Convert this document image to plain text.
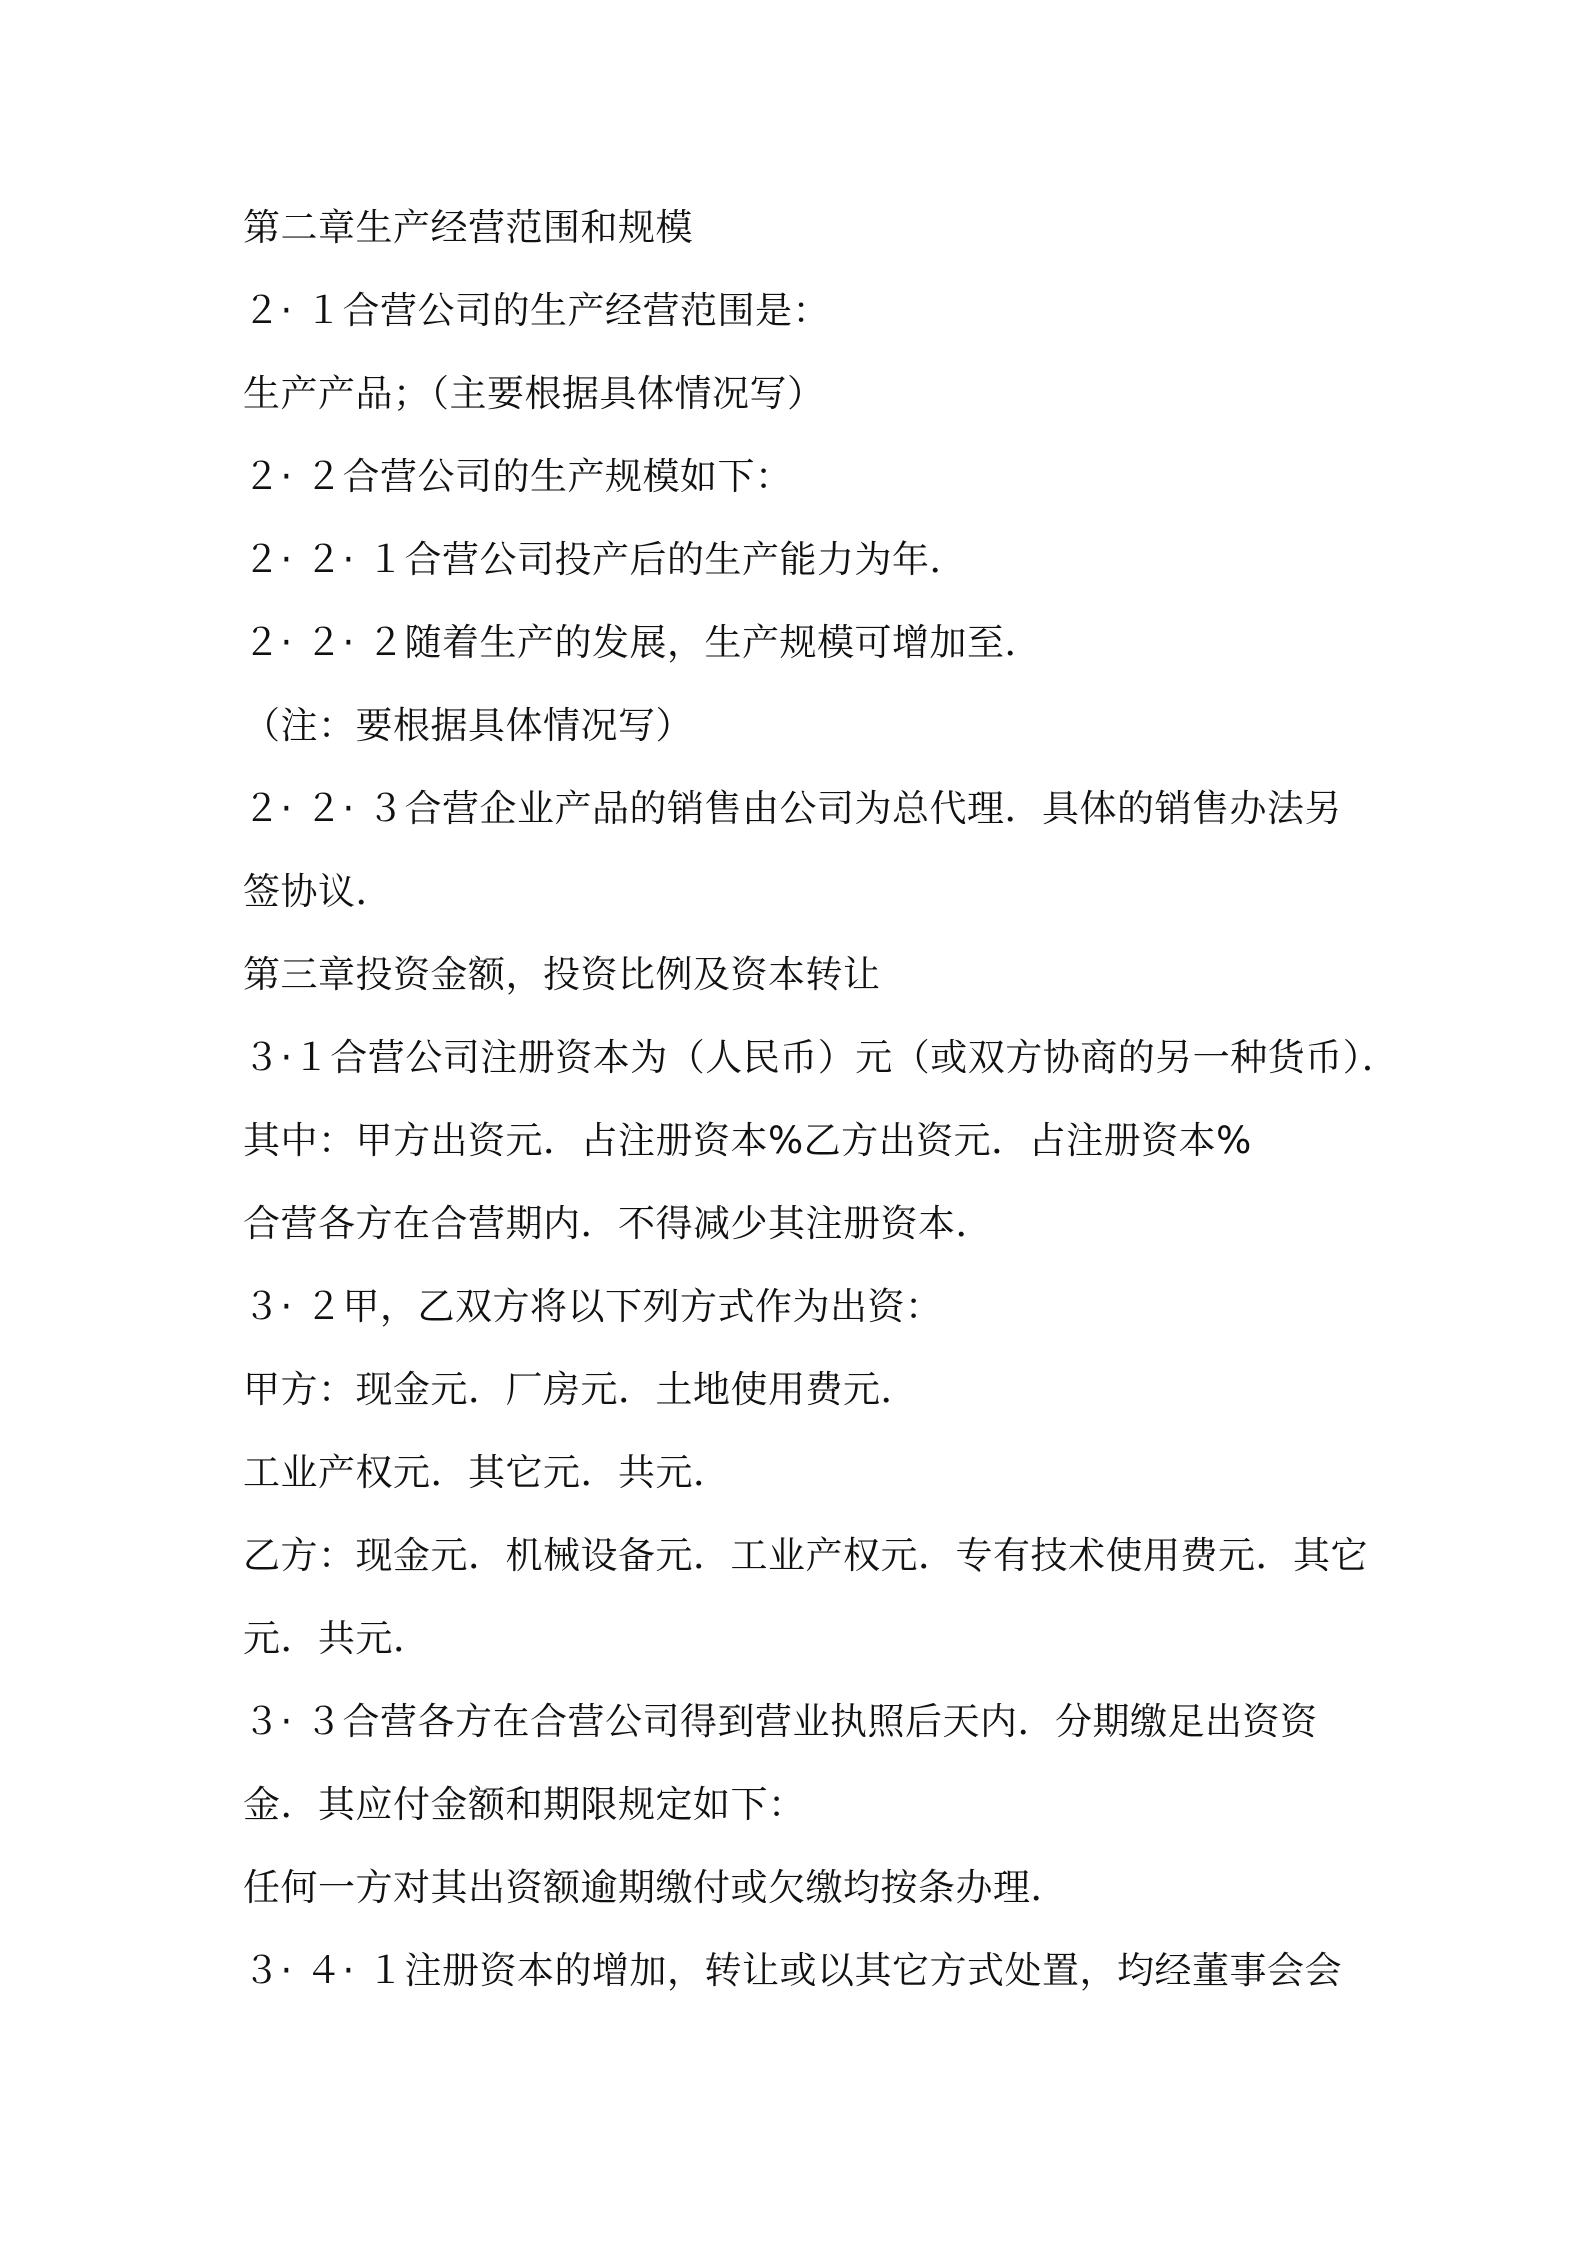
第二章生产经营范围和规模
２· １合营公司的生产经营范围是：
生产产品；（主要根据具体情况写）
２· ２合营公司的生产规模如下：
２· ２· １合营公司投产后的生产能力为年．
２· ２· ２随着生产的发展，生产规模可增加至．
（注：要根据具体情况写）
２· ２· ３合营企业产品的销售由公司为总代理．具体的销售办法另
签协议．
第三章投资金额，投资比例及资本转让
３·１合营公司注册资本为（人民币）元（或双方协商的另一种货币）．
其中：甲方出资元．占注册资本%乙方出资元．占注册资本%
合营各方在合营期内．不得减少其注册资本．
３· ２甲，乙双方将以下列方式作为出资：
甲方：现金元．厂房元．土地使用费元．
工业产权元．其它元．共元．
乙方：现金元．机械设备元．工业产权元．专有技术使用费元．其它
元．共元．
３· ３合营各方在合营公司得到营业执照后天内．分期缴足出资资
金．其应付金额和期限规定如下：
任何一方对其出资额逾期缴付或欠缴均按条办理．
３· ４· １注册资本的增加，转让或以其它方式处置，均经董事会会
